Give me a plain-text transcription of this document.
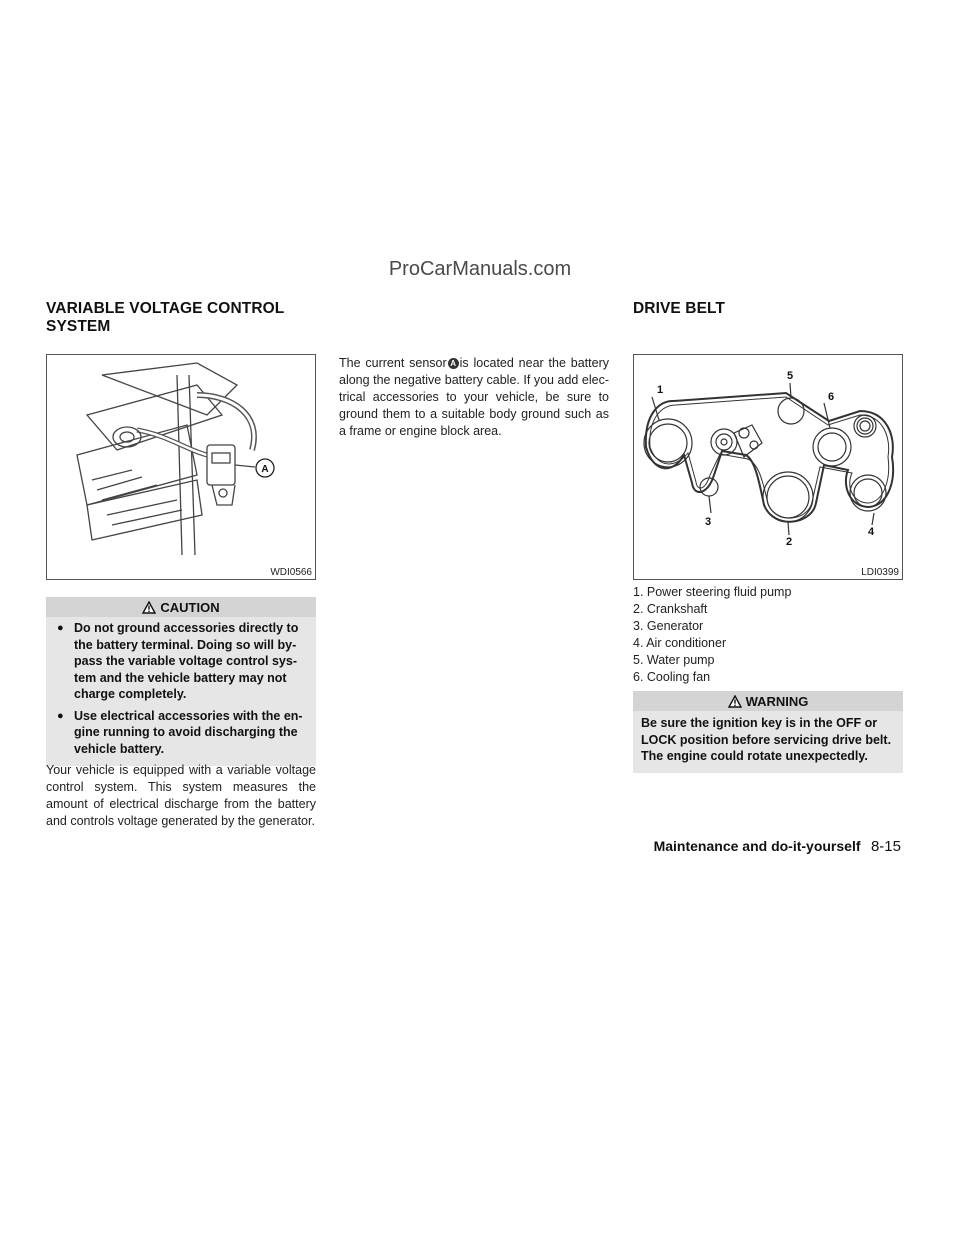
ProCarManuals.com
VARIABLE VOLTAGE CONTROL
SYSTEM
DRIVE BELT
A
WDI0566
1
5
6
4
3
2
LDI0399
CAUTION
● Do not ground accessories directly to the battery terminal. Doing so will by-pass the variable voltage control sys-tem and the vehicle battery may not charge completely.
● Use electrical accessories with the en-gine running to avoid discharging the vehicle battery.
Your vehicle is equipped with a variable voltage control system. This system measures the amount of electrical discharge from the battery and controls voltage generated by the generator.
The current sensor A is located near the battery along the negative battery cable. If you add elec-trical accessories to your vehicle, be sure to ground them to a suitable body ground such as a frame or engine block area.
1. Power steering fluid pump
2. Crankshaft
3. Generator
4. Air conditioner
5. Water pump
6. Cooling fan
WARNING
Be sure the ignition key is in the OFF or LOCK position before servicing drive belt. The engine could rotate unexpectedly.
Maintenance and do-it-yourself 8-15
